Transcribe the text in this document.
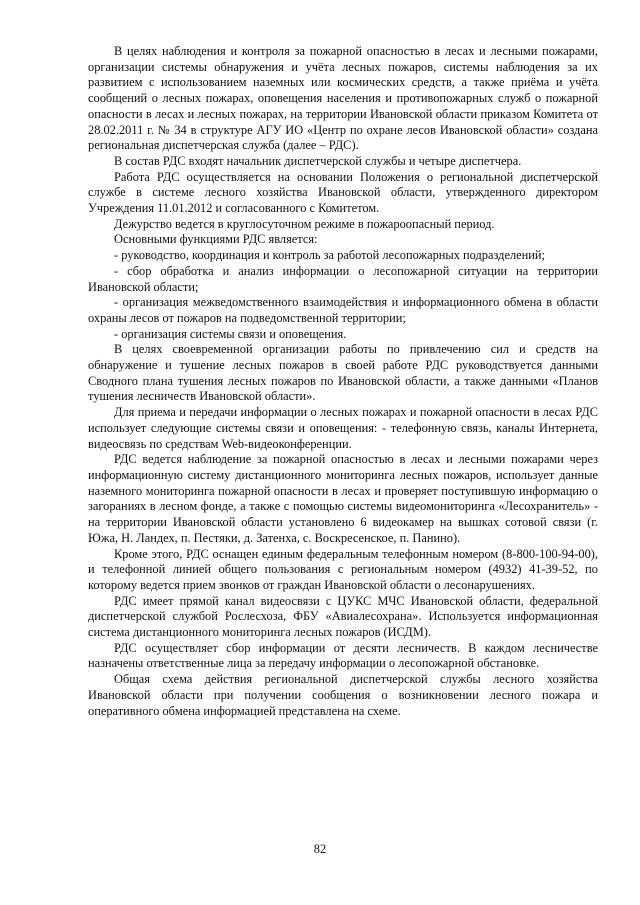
В целях наблюдения и контроля за пожарной опасностью в лесах и лесными пожарами, организации системы обнаружения и учёта лесных пожаров, системы наблюдения за их развитием с использованием наземных или космических средств, а также приёма и учёта сообщений о лесных пожарах, оповещения населения и противопожарных служб о пожарной опасности в лесах и лесных пожарах, на территории Ивановской области приказом Комитета от 28.02.2011 г. № 34 в структуре АГУ ИО «Центр по охране лесов Ивановской области» создана региональная диспетчерская служба (далее – РДС).

В состав РДС входят начальник диспетчерской службы и четыре диспетчера.

Работа РДС осуществляется на основании Положения о региональной диспетчерской службе в системе лесного хозяйства Ивановской области, утвержденного директором Учреждения 11.01.2012 и согласованного с Комитетом.

Дежурство ведется в круглосуточном режиме в пожароопасный период.

Основными функциями РДС является:

- руководство, координация и контроль за работой лесопожарных подразделений;

- сбор обработка и анализ информации о лесопожарной ситуации на территории Ивановской области;

- организация межведомственного взаимодействия и информационного обмена в области охраны лесов от пожаров на подведомственной территории;

- организация системы связи и оповещения.

В целях своевременной организации работы по привлечению сил и средств на обнаружение и тушение лесных пожаров в своей работе РДС руководствуется данными Сводного плана тушения лесных пожаров по Ивановской области, а также данными «Планов тушения лесничеств Ивановской области».

Для приема и передачи информации о лесных пожарах и пожарной опасности в лесах РДС использует следующие системы связи и оповещения: - телефонную связь, каналы Интернета, видеосвязь по средствам Web-видеоконференции.

РДС ведется наблюдение за пожарной опасностью в лесах и лесными пожарами через информационную систему дистанционного мониторинга лесных пожаров, использует данные наземного мониторинга пожарной опасности в лесах и проверяет поступившую информацию о загораниях в лесном фонде, а также с помощью системы видеомониторинга «Лесохранитель» - на территории Ивановской области установлено 6 видеокамер на вышках сотовой связи (г. Южа, Н. Ландех, п. Пестяки, д. Затенха, с. Воскресенское, п. Панино).

Кроме этого, РДС оснащен единым федеральным телефонным номером (8-800-100-94-00), и телефонной линией общего пользования с региональным номером (4932) 41-39-52, по которому ведется прием звонков от граждан Ивановской области о лесонарушениях.

РДС имеет прямой канал видеосвязи с ЦУКС МЧС Ивановской области, федеральной диспетчерской службой Рослесхоза, ФБУ «Авиалесохрана». Используется информационная система дистанционного мониторинга лесных пожаров (ИСДМ).

РДС осуществляет сбор информации от десяти лесничеств. В каждом лесничестве назначены ответственные лица за передачу информации о лесопожарной обстановке.

Общая схема действия региональной диспетчерской службы лесного хозяйства Ивановской области при получении сообщения о возникновении лесного пожара и оперативного обмена информацией представлена на схеме.

82
